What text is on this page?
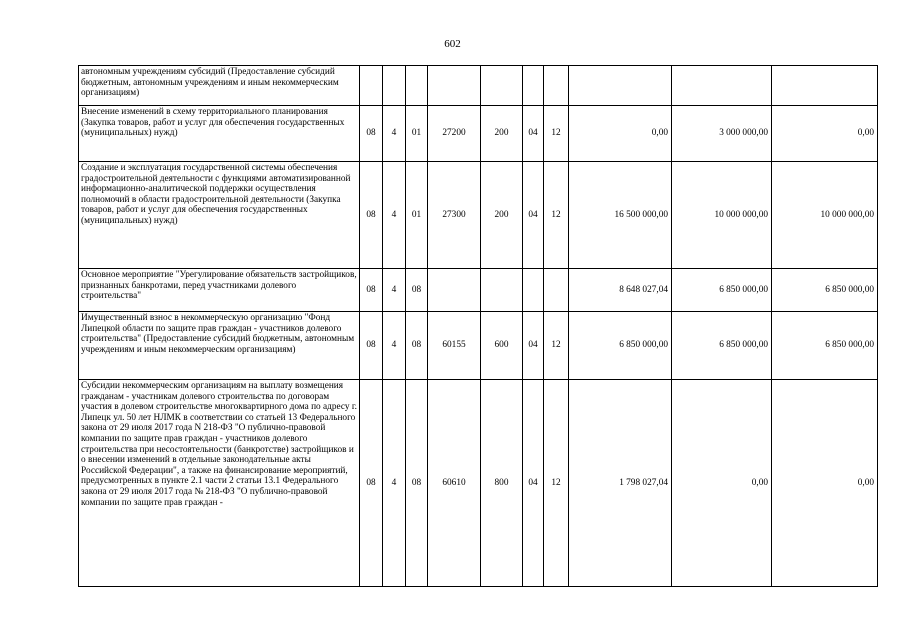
602
автономным учреждениям субсидий (Предоставление субсидий бюджетным, автономным учреждениям и иным некоммерческим организациям)										
Внесение изменений в схему территориального планирования (Закупка товаров, работ и услуг для обеспечения государственных (муниципальных) нужд)	08	4	01	27200	200	04	12	0,00	3 000 000,00	0,00
Создание и эксплуатация государственной системы обеспечения градостроительной деятельности с функциями автоматизированной информационно-аналитической поддержки осуществления полномочий в области градостроительной деятельности (Закупка товаров, работ и услуг для обеспечения государственных (муниципальных) нужд)	08	4	01	27300	200	04	12	16 500 000,00	10 000 000,00	10 000 000,00
Основное мероприятие "Урегулирование обязательств застройщиков, признанных банкротами, перед участниками долевого строительства"	08	4	08					8 648 027,04	6 850 000,00	6 850 000,00
Имущественный взнос в некоммерческую организацию "Фонд Липецкой области по защите прав граждан - участников долевого строительства" (Предоставление субсидий бюджетным, автономным учреждениям и иным некоммерческим организациям)	08	4	08	60155	600	04	12	6 850 000,00	6 850 000,00	6 850 000,00
Субсидии некоммерческим организациям на выплату возмещения гражданам - участникам долевого строительства по договорам участия в долевом строительстве многоквартирного дома по адресу г. Липецк ул. 50 лет НЛМК в соответствии со статьей 13 Федерального закона от 29 июля 2017 года N 218-ФЗ "О публично-правовой компании по защите прав граждан - участников долевого строительства при несостоятельности (банкротстве) застройщиков и о внесении изменений в отдельные законодательные акты Российской Федерации", а также на финансирование мероприятий, предусмотренных в пункте 2.1 части 2 статьи 13.1 Федерального закона от 29 июля 2017 года № 218-ФЗ "О публично-правовой компании по защите прав граждан -	08	4	08	60610	800	04	12	1 798 027,04	0,00	0,00
